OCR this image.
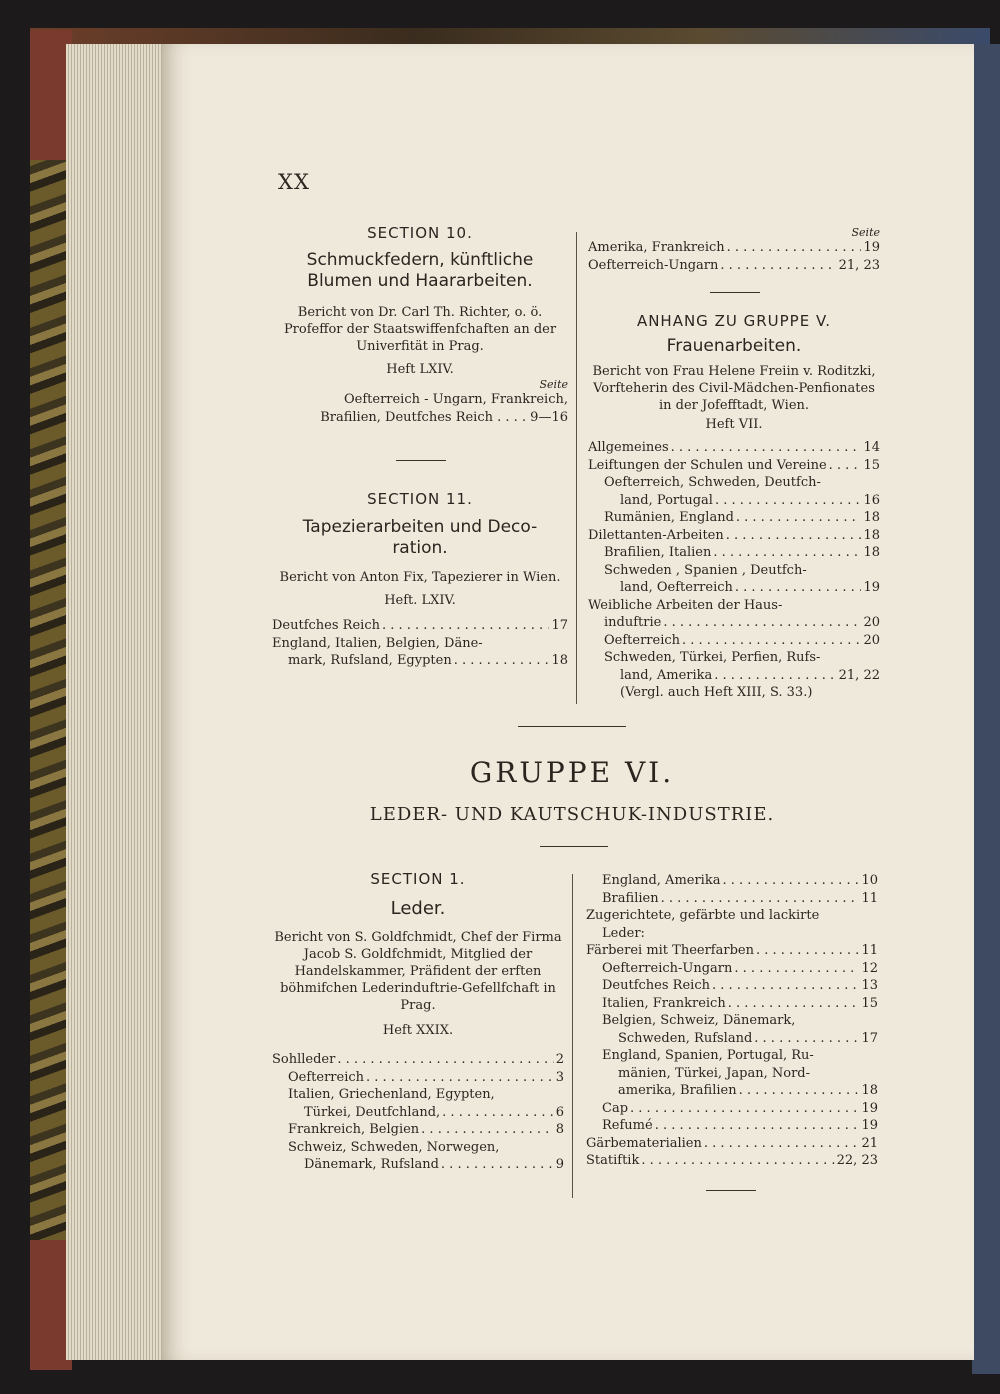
XX
SECTION 10.
Schmuckfedern, künftliche
Blumen und Haararbeiten.
Bericht von Dr. Carl Th. Richter, o. ö. Profeffor der Staatswiffenfchaften an der Univerfität in Prag.
Heft LXIV.
Seite
Oefterreich - Ungarn, Frankreich,
Brafilien, Deutfches Reich . . . . 9—16
SECTION 11.
Tapezierarbeiten und Deco-
ration.
Bericht von Anton Fix, Tapezierer in Wien.
Heft. LXIV.
Deutfches Reich . . .	17
England, Italien, Belgien, Däne-
mark, Rufsland, Egypten . . .	18
Seite
Amerika, Frankreich . . .	19
Oefterreich-Ungarn . . .	21, 23
ANHANG ZU GRUPPE V.
Frauenarbeiten.
Bericht von Frau Helene Freiin v. Roditzki, Vorfteherin des Civil-Mädchen-Penfionates in der Jofefftadt, Wien.
Heft VII.
Allgemeines . . .	14
Leiftungen der Schulen und Vereine . . .	15
Oefterreich, Schweden, Deutfch-
land, Portugal . . .	16
Rumänien, England . . .	18
Dilettanten-Arbeiten . . .	18
Brafilien, Italien . . .	18
Schweden , Spanien , Deutfch-
land, Oefterreich . . .	19
Weibliche Arbeiten der Haus-
induftrie . . .	20
Oefterreich . . .	20
Schweden, Türkei, Perfien, Rufs-
land, Amerika . . .	21, 22
(Vergl. auch Heft XIII, S. 33.)
GRUPPE VI.
LEDER- UND KAUTSCHUK-INDUSTRIE.
SECTION 1.
Leder.
Bericht von S. Goldfchmidt, Chef der Firma Jacob S. Goldfchmidt, Mitglied der Handelskammer, Präfident der erften böhmifchen Lederinduftrie-Gefellfchaft in Prag.
Heft XXIX.
Sohlleder . . .	2
Oefterreich . . .	3
Italien, Griechenland, Egypten,
Türkei, Deutfchland, . . .	6
Frankreich, Belgien . . .	8
Schweiz, Schweden, Norwegen,
Dänemark, Rufsland . . .	9
England, Amerika . . .	10
Brafilien . . .	11
Zugerichtete, gefärbte und lackirte
Leder:
Färberei mit Theerfarben . . .	11
Oefterreich-Ungarn . . .	12
Deutfches Reich . . .	13
Italien, Frankreich . . .	15
Belgien, Schweiz, Dänemark,
Schweden, Rufsland . . .	17
England, Spanien, Portugal, Ru-
mänien, Türkei, Japan, Nord-
amerika, Brafilien . . .	18
Cap . . .	19
Refumé . . .	19
Gärbematerialien . . .	21
Statiftik . . .	22, 23
